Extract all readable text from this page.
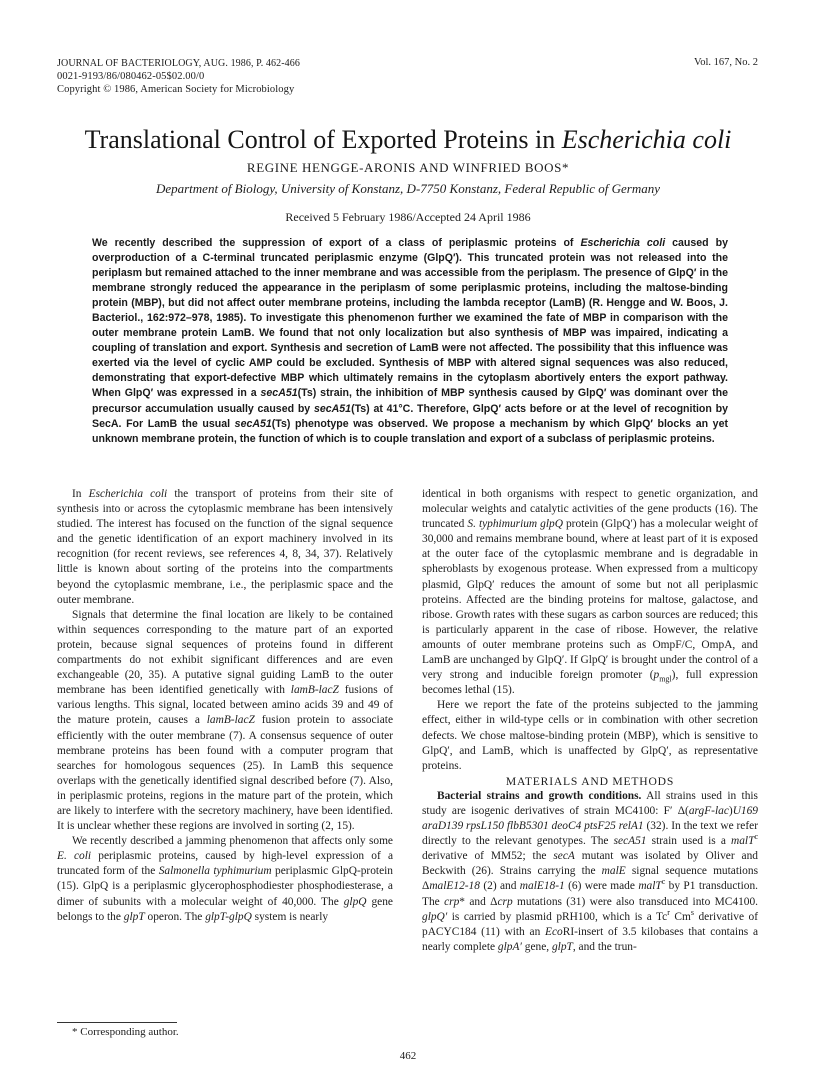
JOURNAL OF BACTERIOLOGY, AUG. 1986, P. 462-466
0021-9193/86/080462-05$02.00/0
Copyright © 1986, American Society for Microbiology
Vol. 167, No. 2
Translational Control of Exported Proteins in Escherichia coli
REGINE HENGGE-ARONIS AND WINFRIED BOOS*
Department of Biology, University of Konstanz, D-7750 Konstanz, Federal Republic of Germany
Received 5 February 1986/Accepted 24 April 1986

We recently described the suppression of export of a class of periplasmic proteins of Escherichia coli caused by overproduction of a C-terminal truncated periplasmic enzyme (GlpQ′). This truncated protein was not released into the periplasm but remained attached to the inner membrane and was accessible from the periplasm. The presence of GlpQ′ in the membrane strongly reduced the appearance in the periplasm of some periplasmic proteins, including the maltose-binding protein (MBP), but did not affect outer membrane proteins, including the lambda receptor (LamB) (R. Hengge and W. Boos, J. Bacteriol., 162:972–978, 1985). To investigate this phenomenon further we examined the fate of MBP in comparison with the outer membrane protein LamB. We found that not only localization but also synthesis of MBP was impaired, indicating a coupling of translation and export. Synthesis and secretion of LamB were not affected. The possibility that this influence was exerted via the level of cyclic AMP could be excluded. Synthesis of MBP with altered signal sequences was also reduced, demonstrating that export-defective MBP which ultimately remains in the cytoplasm abortively enters the export pathway. When GlpQ′ was expressed in a secA51(Ts) strain, the inhibition of MBP synthesis caused by GlpQ′ was dominant over the precursor accumulation usually caused by secA51(Ts) at 41°C. Therefore, GlpQ′ acts before or at the level of recognition by SecA. For LamB the usual secA51(Ts) phenotype was observed. We propose a mechanism by which GlpQ′ blocks an yet unknown membrane protein, the function of which is to couple translation and export of a subclass of periplasmic proteins.

In Escherichia coli the transport of proteins from their site of synthesis into or across the cytoplasmic membrane has been intensively studied. The interest has focused on the function of the signal sequence and the genetic identification of an export machinery involved in its recognition (for recent reviews, see references 4, 8, 34, 37). Relatively little is known about sorting of the proteins into the compartments beyond the cytoplasmic membrane, i.e., the periplasmic space and the outer membrane.

Signals that determine the final location are likely to be contained within sequences corresponding to the mature part of an exported protein, because signal sequences of proteins found in different compartments do not exhibit significant differences and are even exchangeable (20, 35). A putative signal guiding LamB to the outer membrane has been identified genetically with lamB-lacZ fusions of various lengths. This signal, located between amino acids 39 and 49 of the mature protein, causes a lamB-lacZ fusion protein to associate efficiently with the outer membrane (7). A consensus sequence of outer membrane proteins has been found with a computer program that searches for homologous sequences (25). In LamB this sequence overlaps with the genetically identified signal described before (7). Also, in periplasmic proteins, regions in the mature part of the protein, which are likely to interfere with the secretory machinery, have been identified. It is unclear whether these regions are involved in sorting (2, 15).

We recently described a jamming phenomenon that affects only some E. coli periplasmic proteins, caused by high-level expression of a truncated form of the Salmonella typhimurium periplasmic GlpQ-protein (15). GlpQ is a periplasmic glycerophosphodiester phosphodiesterase, a dimer of subunits with a molecular weight of 40,000. The glpQ gene belongs to the glpT operon. The glpT-glpQ system is nearly

identical in both organisms with respect to genetic organization, and molecular weights and catalytic activities of the gene products (16). The truncated S. typhimurium glpQ protein (GlpQ′) has a molecular weight of 30,000 and remains membrane bound, where at least part of it is exposed at the outer face of the cytoplasmic membrane and is degradable in spheroblasts by exogenous protease. When expressed from a multicopy plasmid, GlpQ′ reduces the amount of some but not all periplasmic proteins. Affected are the binding proteins for maltose, galactose, and ribose. Growth rates with these sugars as carbon sources are reduced; this is particularly apparent in the case of ribose. However, the relative amounts of outer membrane proteins such as OmpF/C, OmpA, and LamB are unchanged by GlpQ′. If GlpQ′ is brought under the control of a very strong and inducible foreign promoter $(p_{mgl})$, full expression becomes lethal (15).

Here we report the fate of the proteins subjected to the jamming effect, either in wild-type cells or in combination with other secretion defects. We chose maltose-binding protein (MBP), which is sensitive to GlpQ′, and LamB, which is unaffected by GlpQ′, as representative proteins.

MATERIALS AND METHODS

Bacterial strains and growth conditions. All strains used in this study are isogenic derivatives of strain MC4100: F′ Δ(argF-lac)U169 araD139 rpsL150 flbB5301 deoC4 ptsF25 relA1 (32). In the text we refer directly to the relevant genotypes. The secA51 strain used is a malT$^c$ derivative of MM52; the secA mutant was isolated by Oliver and Beckwith (26). Strains carrying the malE signal sequence mutations ΔmalE12-18 (2) and malE18-1 (6) were made malT$^c$ by P1 transduction. The crp* and Δcrp mutations (31) were also transduced into MC4100. glpQ′ is carried by plasmid pRH100, which is a Tc$^r$ Cm$^s$ derivative of pACYC184 (11) with an EcoRI-insert of 3.5 kilobases that contains a nearly complete glpA′ gene, glpT, and the trun-

* Corresponding author.
462
